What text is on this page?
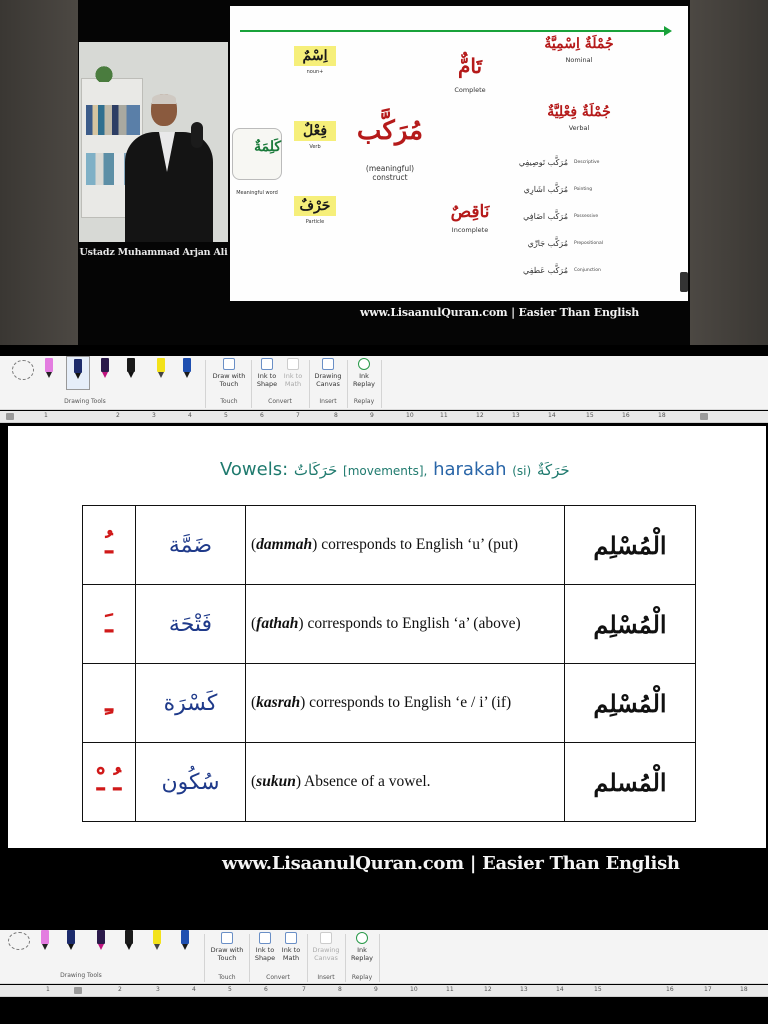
Ustadz Muhammad Arjan Ali
كَلِمَةٌ
Meaningful word
اِسْمٌ
noun+
فِعْلٌ
Verb
حَرْفٌ
Particle
مُرَكَّب
(meaningful)
construct
تَامٌّ
Complete
نَاقِصٌ
Incomplete
جُمْلَةٌ اِسْمِيَّةٌ
Nominal
جُمْلَةٌ فِعْلِيَّةٌ
Verbal
مُرَكَّب تَوصِيفِي Descriptive
مُرَكَّب اشَارِي Pointing
مُرَكَّب اضَافِي Possessive
مُرَكَّب جَارِّي Prepositional
مُرَكَّب عَطفِي Conjunction
www.LisaanulQuran.com | Easier Than English
Drawing Tools
Draw with Touch
Touch
Ink to Shape
Ink to Math
Convert
Drawing Canvas
Insert
Ink Replay
Replay
1	2	3	4	5	6	7	8	9	10	11	12	13	14	15	16	18
Vowels: حَرَكَاتٌ [movements], harakah (si) حَرَكَةٌ
ـُ	ضَمَّة	(dammah) corresponds to English ‘u’ (put)	الْمُسْلِم
ـَ	فَتْحَة	(fathah) corresponds to English ‘a’ (above)	الْمُسْلِم
ـِ	كَسْرَة	(kasrah) corresponds to English ‘e / i’ (if)	الْمُسْلِم
ـُ ـْ	سُكُون	(sukun) Absence of a vowel.	الْمُسلم
www.LisaanulQuran.com | Easier Than English
Drawing Tools
Draw with Touch
Touch
Ink to Shape
Ink to Math
Convert
Drawing Canvas
Insert
Ink Replay
Replay
1	2	3	4	5	6	7	8	9	10	11	12	13	14	15	16	17	18
